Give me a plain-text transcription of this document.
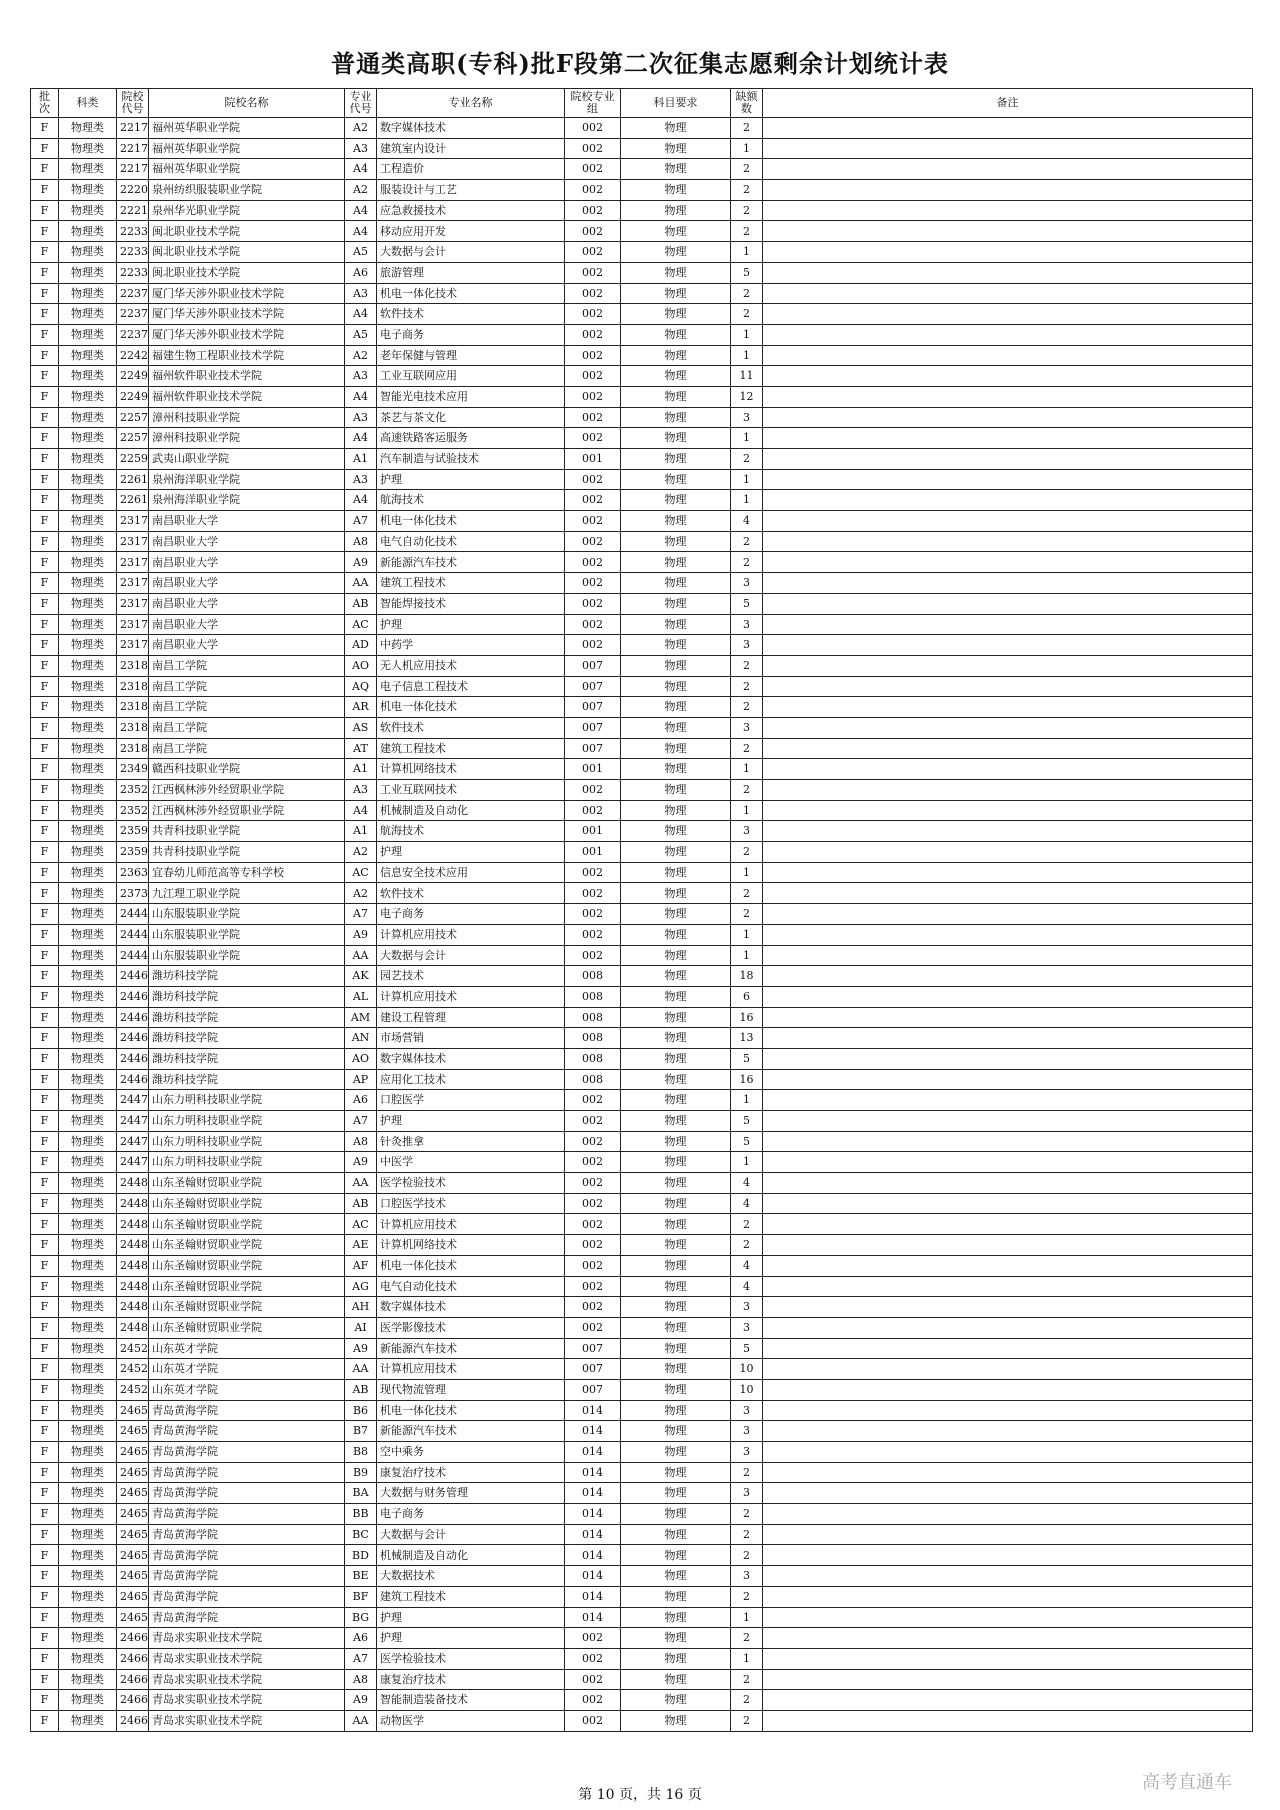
普通类高职(专科)批F段第二次征集志愿剩余计划统计表
批次	科类	院校代号	院校名称	专业代号	专业名称	院校专业组	科目要求	缺额数	备注
F	物理类	2217	福州英华职业学院	A2	数字媒体技术	002	物理	2	
F	物理类	2217	福州英华职业学院	A3	建筑室内设计	002	物理	1	
F	物理类	2217	福州英华职业学院	A4	工程造价	002	物理	2	
F	物理类	2220	泉州纺织服装职业学院	A2	服装设计与工艺	002	物理	2	
F	物理类	2221	泉州华光职业学院	A4	应急救援技术	002	物理	2	
F	物理类	2233	闽北职业技术学院	A4	移动应用开发	002	物理	2	
F	物理类	2233	闽北职业技术学院	A5	大数据与会计	002	物理	1	
F	物理类	2233	闽北职业技术学院	A6	旅游管理	002	物理	5	
F	物理类	2237	厦门华天涉外职业技术学院	A3	机电一体化技术	002	物理	2	
F	物理类	2237	厦门华天涉外职业技术学院	A4	软件技术	002	物理	2	
F	物理类	2237	厦门华天涉外职业技术学院	A5	电子商务	002	物理	1	
F	物理类	2242	福建生物工程职业技术学院	A2	老年保健与管理	002	物理	1	
F	物理类	2249	福州软件职业技术学院	A3	工业互联网应用	002	物理	11	
F	物理类	2249	福州软件职业技术学院	A4	智能光电技术应用	002	物理	12	
F	物理类	2257	漳州科技职业学院	A3	茶艺与茶文化	002	物理	3	
F	物理类	2257	漳州科技职业学院	A4	高速铁路客运服务	002	物理	1	
F	物理类	2259	武夷山职业学院	A1	汽车制造与试验技术	001	物理	2	
F	物理类	2261	泉州海洋职业学院	A3	护理	002	物理	1	
F	物理类	2261	泉州海洋职业学院	A4	航海技术	002	物理	1	
F	物理类	2317	南昌职业大学	A7	机电一体化技术	002	物理	4	
F	物理类	2317	南昌职业大学	A8	电气自动化技术	002	物理	2	
F	物理类	2317	南昌职业大学	A9	新能源汽车技术	002	物理	2	
F	物理类	2317	南昌职业大学	AA	建筑工程技术	002	物理	3	
F	物理类	2317	南昌职业大学	AB	智能焊接技术	002	物理	5	
F	物理类	2317	南昌职业大学	AC	护理	002	物理	3	
F	物理类	2317	南昌职业大学	AD	中药学	002	物理	3	
F	物理类	2318	南昌工学院	AO	无人机应用技术	007	物理	2	
F	物理类	2318	南昌工学院	AQ	电子信息工程技术	007	物理	2	
F	物理类	2318	南昌工学院	AR	机电一体化技术	007	物理	2	
F	物理类	2318	南昌工学院	AS	软件技术	007	物理	3	
F	物理类	2318	南昌工学院	AT	建筑工程技术	007	物理	2	
F	物理类	2349	赣西科技职业学院	A1	计算机网络技术	001	物理	1	
F	物理类	2352	江西枫林涉外经贸职业学院	A3	工业互联网技术	002	物理	2	
F	物理类	2352	江西枫林涉外经贸职业学院	A4	机械制造及自动化	002	物理	1	
F	物理类	2359	共青科技职业学院	A1	航海技术	001	物理	3	
F	物理类	2359	共青科技职业学院	A2	护理	001	物理	2	
F	物理类	2363	宜春幼儿师范高等专科学校	AC	信息安全技术应用	002	物理	1	
F	物理类	2373	九江理工职业学院	A2	软件技术	002	物理	2	
F	物理类	2444	山东服装职业学院	A7	电子商务	002	物理	2	
F	物理类	2444	山东服装职业学院	A9	计算机应用技术	002	物理	1	
F	物理类	2444	山东服装职业学院	AA	大数据与会计	002	物理	1	
F	物理类	2446	潍坊科技学院	AK	园艺技术	008	物理	18	
F	物理类	2446	潍坊科技学院	AL	计算机应用技术	008	物理	6	
F	物理类	2446	潍坊科技学院	AM	建设工程管理	008	物理	16	
F	物理类	2446	潍坊科技学院	AN	市场营销	008	物理	13	
F	物理类	2446	潍坊科技学院	AO	数字媒体技术	008	物理	5	
F	物理类	2446	潍坊科技学院	AP	应用化工技术	008	物理	16	
F	物理类	2447	山东力明科技职业学院	A6	口腔医学	002	物理	1	
F	物理类	2447	山东力明科技职业学院	A7	护理	002	物理	5	
F	物理类	2447	山东力明科技职业学院	A8	针灸推拿	002	物理	5	
F	物理类	2447	山东力明科技职业学院	A9	中医学	002	物理	1	
F	物理类	2448	山东圣翰财贸职业学院	AA	医学检验技术	002	物理	4	
F	物理类	2448	山东圣翰财贸职业学院	AB	口腔医学技术	002	物理	4	
F	物理类	2448	山东圣翰财贸职业学院	AC	计算机应用技术	002	物理	2	
F	物理类	2448	山东圣翰财贸职业学院	AE	计算机网络技术	002	物理	2	
F	物理类	2448	山东圣翰财贸职业学院	AF	机电一体化技术	002	物理	4	
F	物理类	2448	山东圣翰财贸职业学院	AG	电气自动化技术	002	物理	4	
F	物理类	2448	山东圣翰财贸职业学院	AH	数字媒体技术	002	物理	3	
F	物理类	2448	山东圣翰财贸职业学院	AI	医学影像技术	002	物理	3	
F	物理类	2452	山东英才学院	A9	新能源汽车技术	007	物理	5	
F	物理类	2452	山东英才学院	AA	计算机应用技术	007	物理	10	
F	物理类	2452	山东英才学院	AB	现代物流管理	007	物理	10	
F	物理类	2465	青岛黄海学院	B6	机电一体化技术	014	物理	3	
F	物理类	2465	青岛黄海学院	B7	新能源汽车技术	014	物理	3	
F	物理类	2465	青岛黄海学院	B8	空中乘务	014	物理	3	
F	物理类	2465	青岛黄海学院	B9	康复治疗技术	014	物理	2	
F	物理类	2465	青岛黄海学院	BA	大数据与财务管理	014	物理	3	
F	物理类	2465	青岛黄海学院	BB	电子商务	014	物理	2	
F	物理类	2465	青岛黄海学院	BC	大数据与会计	014	物理	2	
F	物理类	2465	青岛黄海学院	BD	机械制造及自动化	014	物理	2	
F	物理类	2465	青岛黄海学院	BE	大数据技术	014	物理	3	
F	物理类	2465	青岛黄海学院	BF	建筑工程技术	014	物理	2	
F	物理类	2465	青岛黄海学院	BG	护理	014	物理	1	
F	物理类	2466	青岛求实职业技术学院	A6	护理	002	物理	2	
F	物理类	2466	青岛求实职业技术学院	A7	医学检验技术	002	物理	1	
F	物理类	2466	青岛求实职业技术学院	A8	康复治疗技术	002	物理	2	
F	物理类	2466	青岛求实职业技术学院	A9	智能制造装备技术	002	物理	2	
F	物理类	2466	青岛求实职业技术学院	AA	动物医学	002	物理	2	
第 10 页，共 16 页
高考直通车
